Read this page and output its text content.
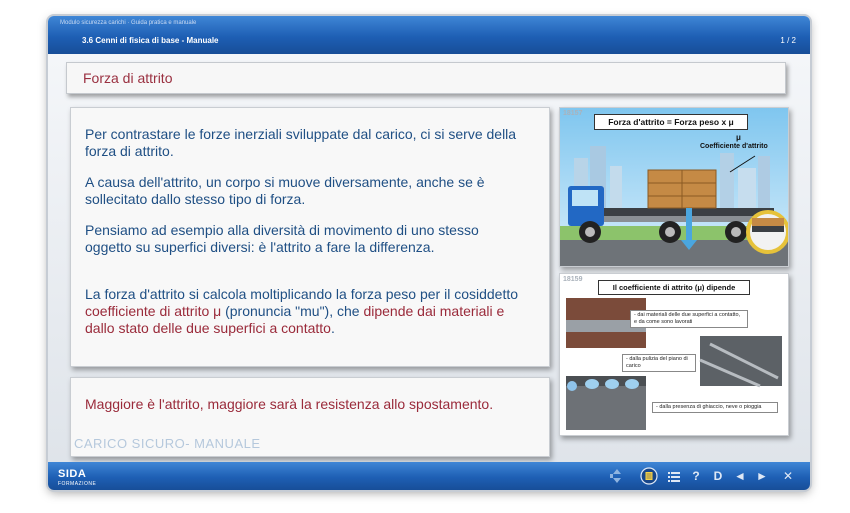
Modulo sicurezza carichi · Guida pratica e manuale
3.6 Cenni di fisica di base - Manuale	1 / 2
Forza di attrito

Per contrastare le forze inerziali sviluppate dal carico, ci si serve della forza di attrito.

A causa dell'attrito, un corpo si muove diversamente, anche se è sollecitato dallo stesso tipo di forza.

Pensiamo ad esempio alla diversità di movimento di uno stesso oggetto su superfici diversi: è l'attrito a fare la differenza.

La forza d'attrito si calcola moltiplicando la forza peso per il cosiddetto coefficiente di attrito μ (pronuncia "mu"), che dipende dai materiali e dallo stato delle due superfici a contatto.

Maggiore è l'attrito, maggiore sarà la resistenza allo spostamento.
CARICO SICURO- MANUALE
18157
Forza d'attrito = Forza peso x μ
μ
Coefficiente d'attrito
18159
Il coefficiente di attrito (μ) dipende
- dai materiali delle due superfici a contatto, e da come sono lavorati
- dalla pulizia del piano di carico
- dalla presenza di ghiaccio, neve o pioggia
SIDA
FORMAZIONE
?	D ◄ ► ✕
